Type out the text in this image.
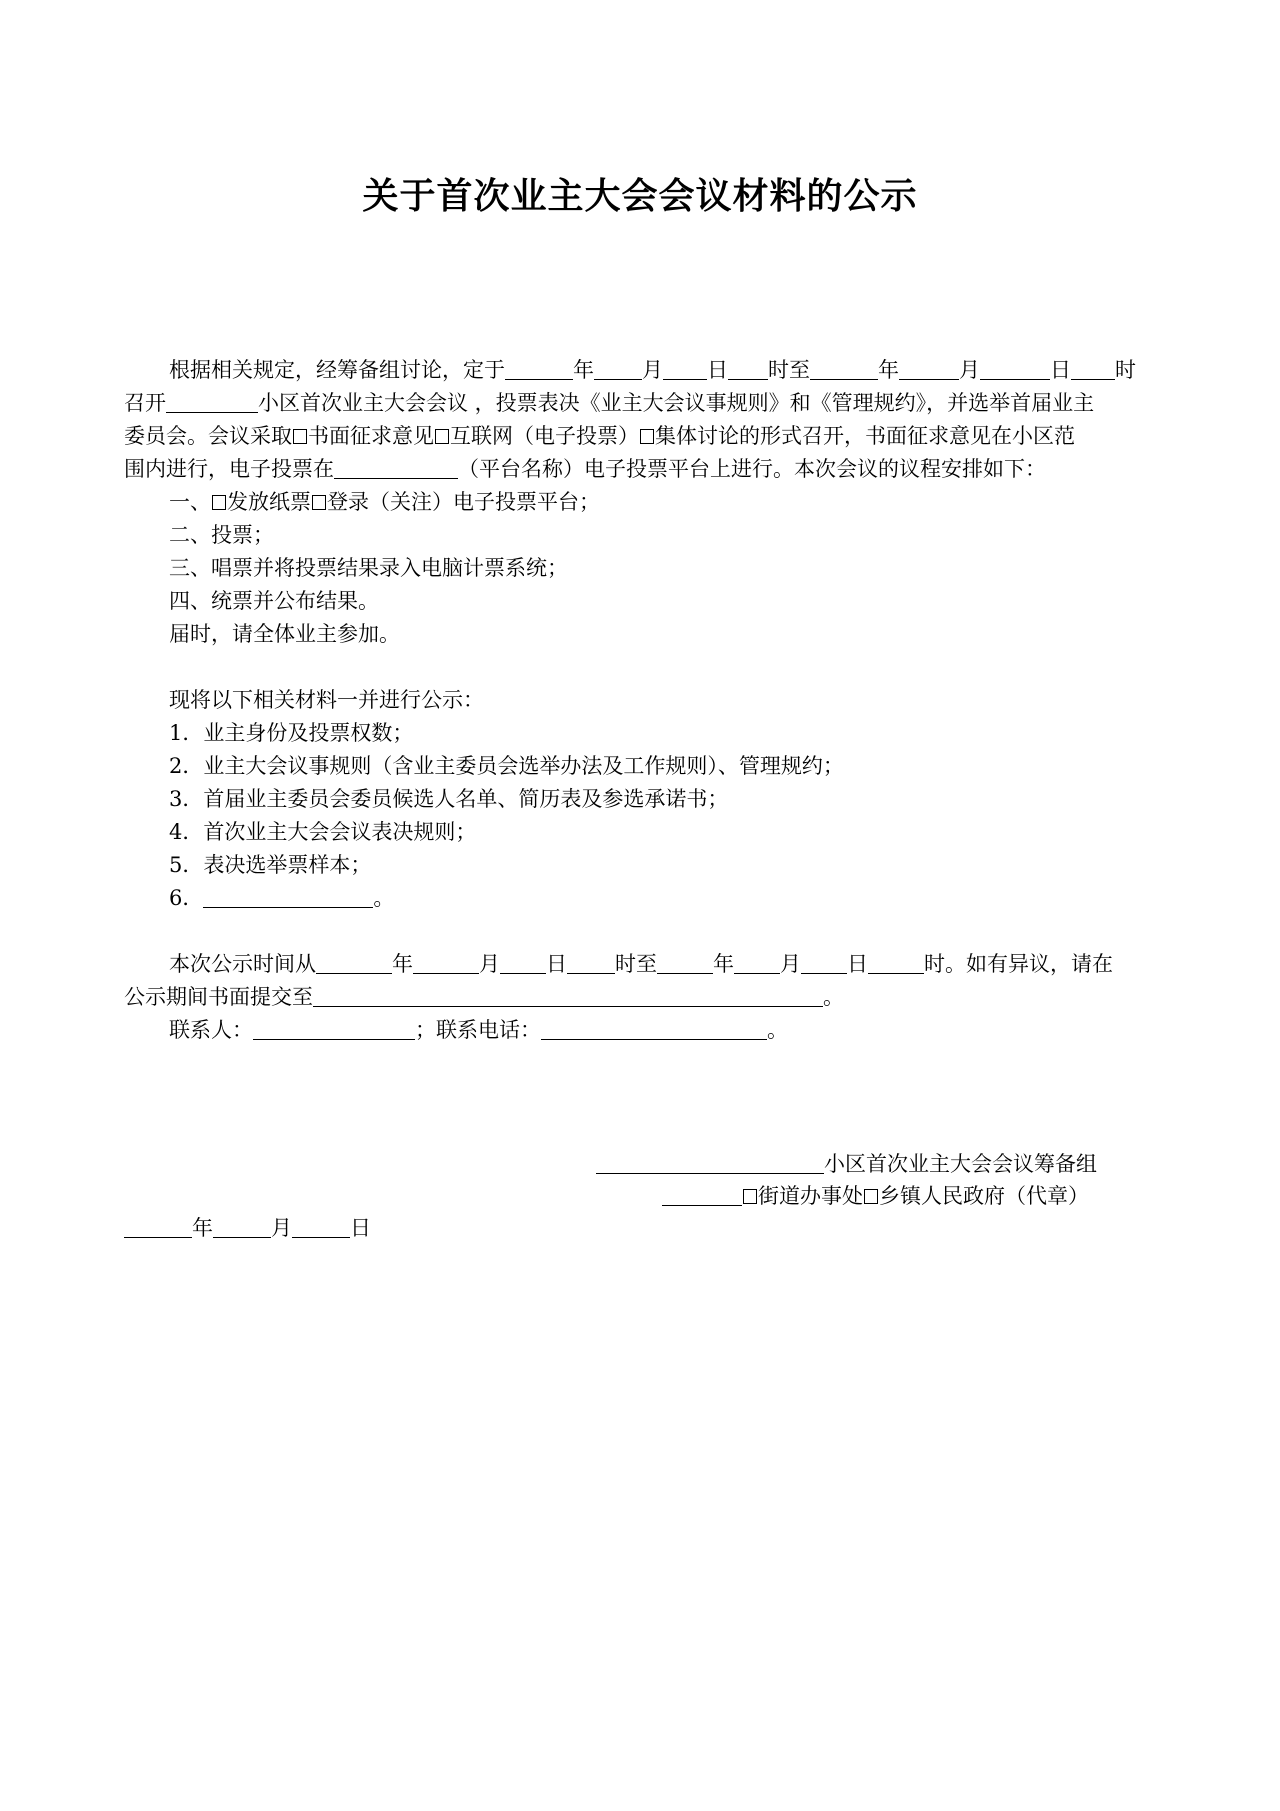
关于首次业主大会会议材料的公示
根据相关规定，经筹备组讨论，定于	年 月 日 时至	年	月	日 时
召开	小区首次业主大会会议 ，投票表决《业主大会议事规则》和《管理规约》，并选举首届业主
委员会。会议采取 书面征求意见 互联网（电子投票） 集体讨论的形式召开，书面征求意见在小区范
围内进行，电子投票在	（平台名称）电子投票平台上进行。本次会议的议程安排如下：
一、 发放纸票 登录（关注）电子投票平台；
二、投票；
三、唱票并将投票结果录入电脑计票系统；
四、统票并公布结果。
届时，请全体业主参加。
现将以下相关材料一并进行公示：
1．业主身份及投票权数；
2．业主大会议事规则（含业主委员会选举办法及工作规则）、管理规约；
3．首届业主委员会委员候选人名单、简历表及参选承诺书；
4．首次业主大会会议表决规则；
5．表决选举票样本；
6．	。
本次公示时间从	年	月 日 时至	年 月 日	时。如有异议，请在
公示期间书面提交至	。
联系人：	；联系电话：	。
小区首次业主大会会议筹备组
街道办事处 乡镇人民政府（代章）
年	月	日
